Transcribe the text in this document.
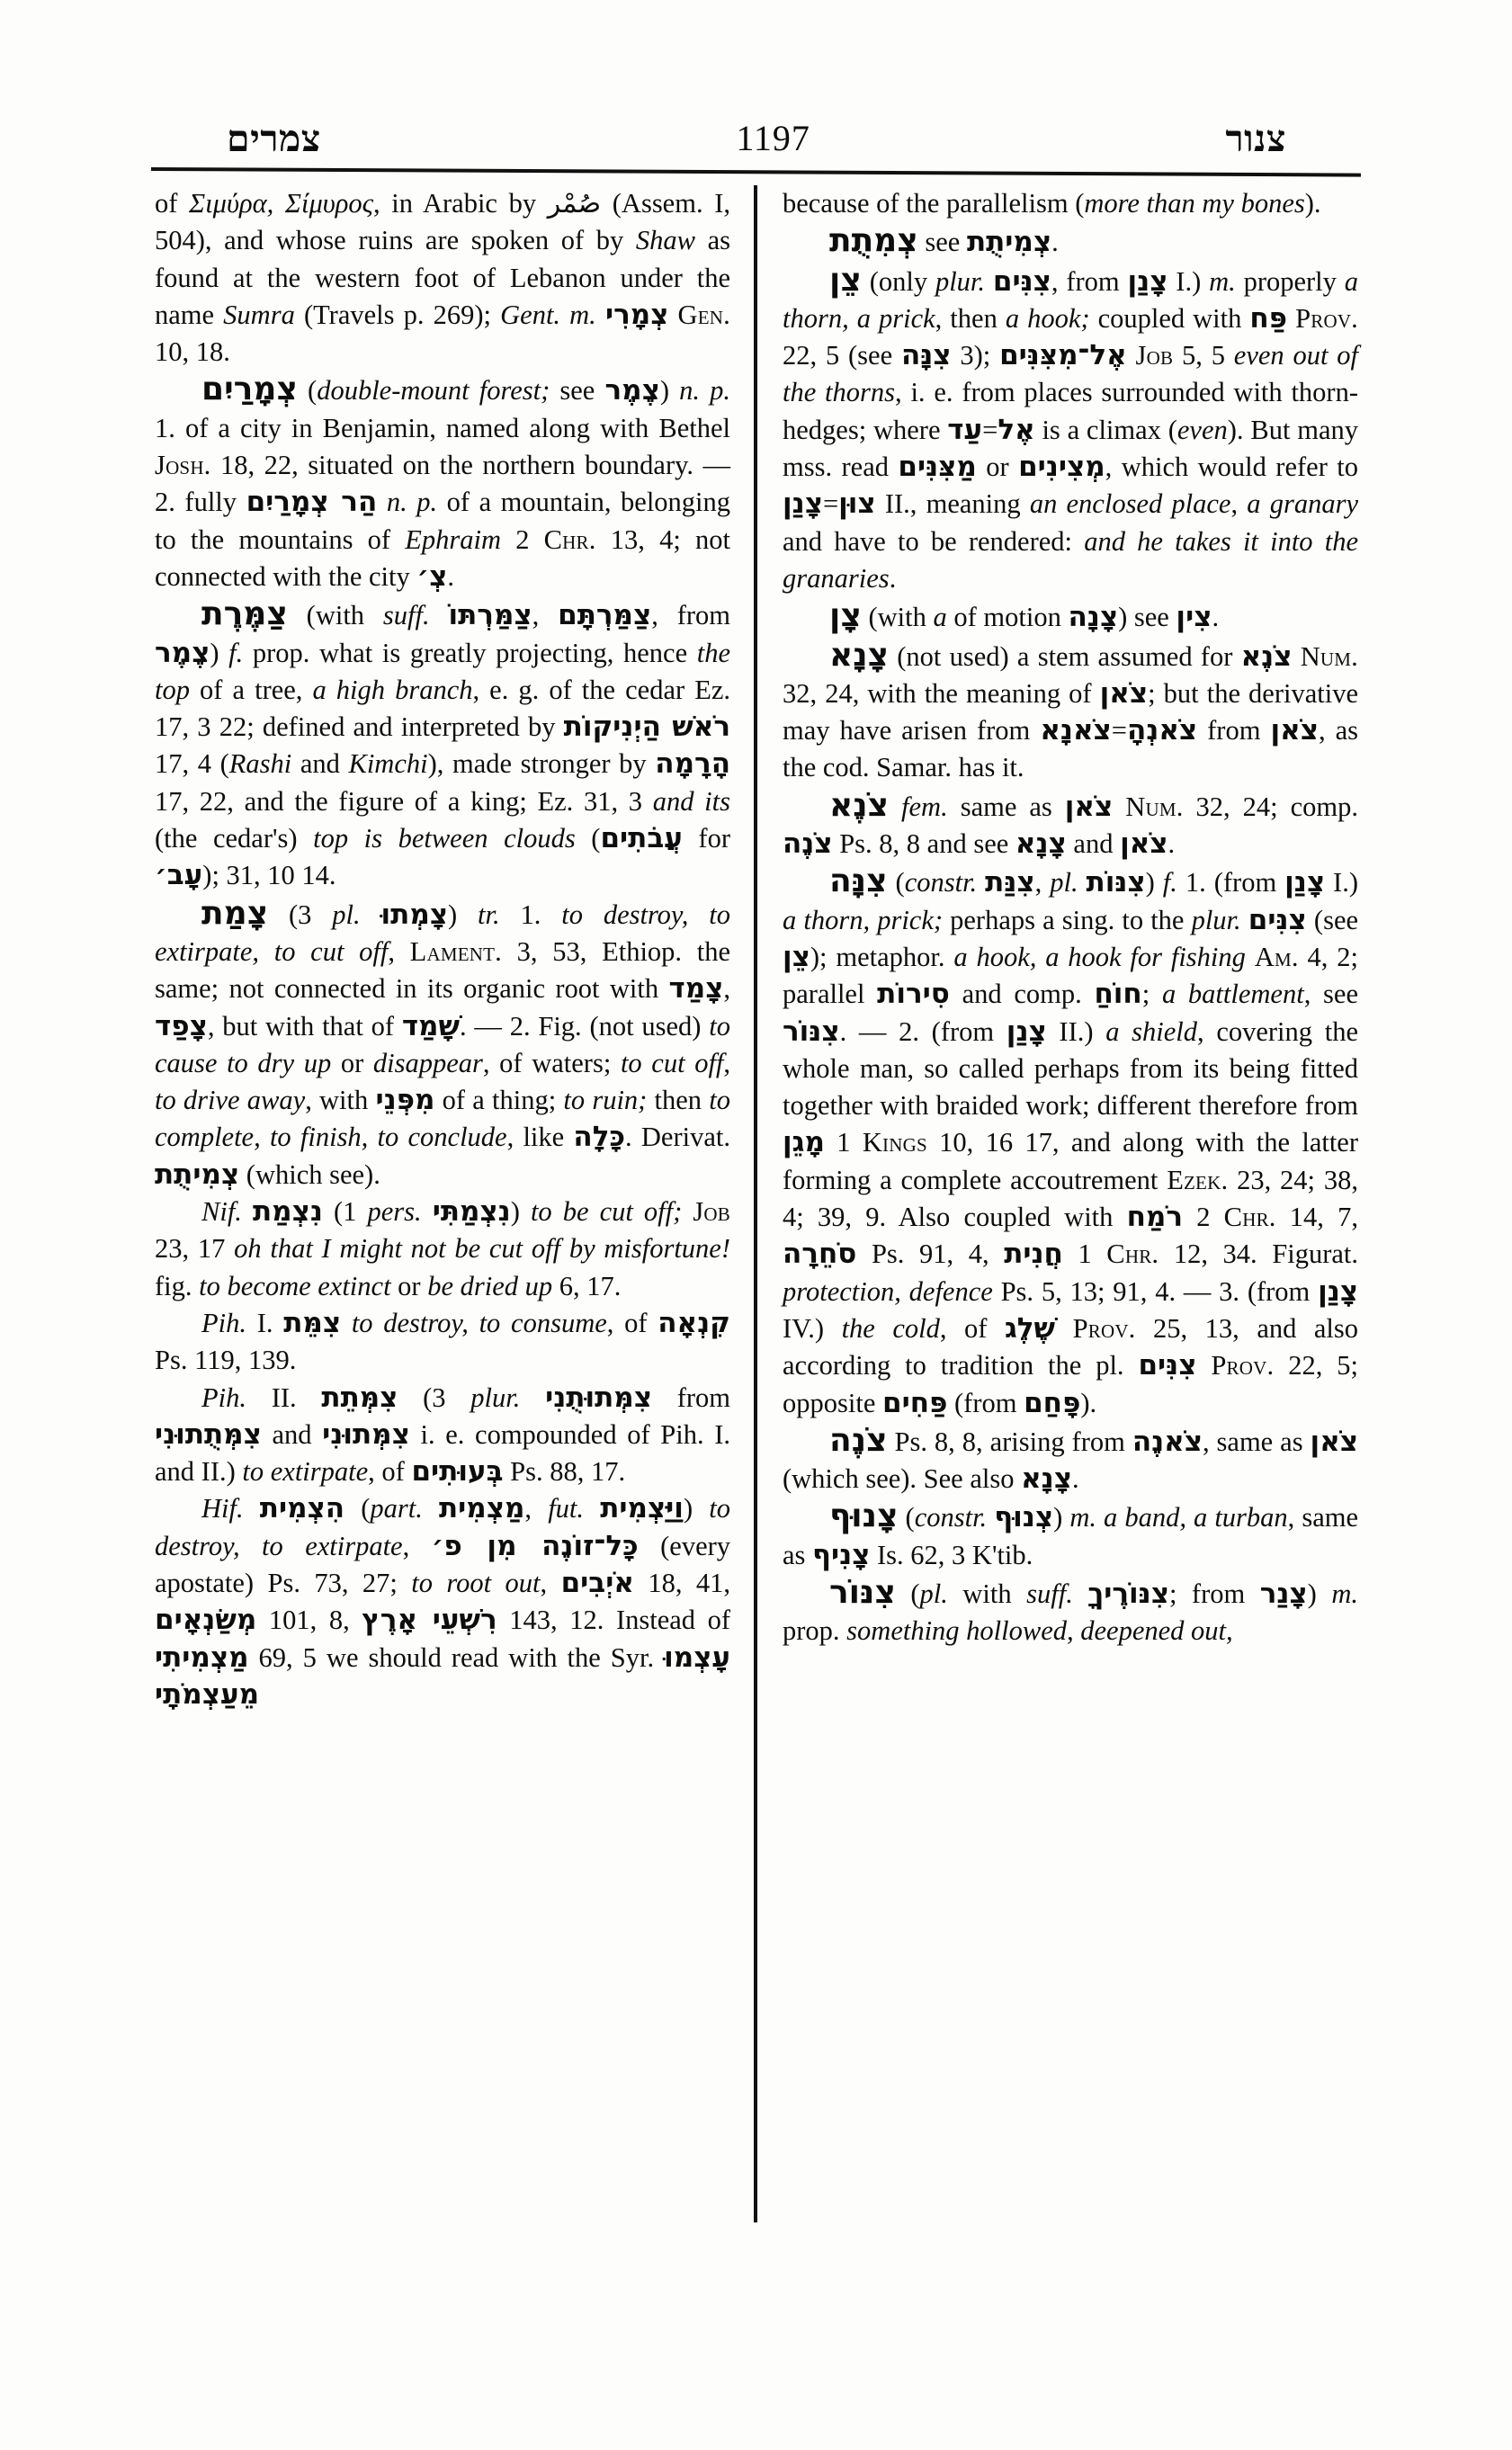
צמרים	1197	צנור

of Σιμύρα, Σίμυρος, in Arabic by صُمْر (Assem. I, 504), and whose ruins are spoken of by Shaw as found at the western foot of Lebanon under the name Sumra (Travels p. 269); Gent. m. צְמָרִי Gen. 10, 18.

צְמָרַיִם (double-mount forest; see צֶמֶר) n. p. 1. of a city in Benjamin, named along with Bethel Josh. 18, 22, situated on the northern boundary. — 2. fully הַר צְמָרַיִם n. p. of a mountain, belonging to the mountains of Ephraim 2 Chr. 13, 4; not connected with the city צְ׳.

צַמֶּרֶת (with suff. צַמַּרְתּוֹ, צַמַּרְתָּם, from צֶמֶר) f. prop. what is greatly projecting, hence the top of a tree, a high branch, e. g. of the cedar Ez. 17, 3 22; defined and interpreted by רֹאשׁ הַיְנִיקוֹת 17, 4 (Rashi and Kimchi), made stronger by הָרָמָה 17, 22, and the figure of a king; Ez. 31, 3 and its (the cedar's) top is between clouds (עֲבֹתִים for עָב׳); 31, 10 14.

צָמַת (3 pl. צָמְתוּ) tr. 1. to destroy, to extirpate, to cut off, Lament. 3, 53, Ethiop. the same; not connected in its organic root with צָמַד, צָפַד, but with that of שָׁמַד. — 2. Fig. (not used) to cause to dry up or disappear, of waters; to cut off, to drive away, with מִפְּנֵי of a thing; to ruin; then to complete, to finish, to conclude, like כָּלָה. Derivat. צְמִיתֻת (which see).

Nif. נִצְמַת (1 pers. נִצְמַתִּי) to be cut off; Job 23, 17 oh that I might not be cut off by misfortune! fig. to become extinct or be dried up 6, 17.

Pih. I. צִמֵּת to destroy, to consume, of קִנְאָה Ps. 119, 139.

Pih. II. צִמְּתֵת (3 plur. צִמְּתוּתֻנִי from צִמְּתֻתוּנִי and צִמְּתוּנִי i. e. compounded of Pih. I. and II.) to extirpate, of בְּעוּתִים Ps. 88, 17.

Hif. הִצְמִית (part. מַצְמִית, fut. וַיַּצְמִית) to destroy, to extirpate, כָּל־זוֹנֶה מִן פ׳ (every apostate) Ps. 73, 27; to root out, אֹיְבִים 18, 41, מְשַׂנְאָים 101, 8, רִשְׁעֵי אָרֶץ 143, 12. Instead of מַצְמִיתִי 69, 5 we should read with the Syr. עָצְמוּ מֵעַצְמֹתָי

because of the parallelism (more than my bones).

צְמִתֻת see צְמִיתֻת.

צֵן (only plur. צִנִּים, from צָנַן I.) m. properly a thorn, a prick, then a hook; coupled with פַּח Prov. 22, 5 (see צִנָּה 3); אֶל־מִצִּנִּים Job 5, 5 even out of the thorns, i. e. from places surrounded with thorn-hedges; where עַד=אֶל is a climax (even). But many mss. read מַצִּנִּים or מְצִינִים, which would refer to צָנַן=צוּן II., meaning an enclosed place, a granary and have to be rendered: and he takes it into the granaries.

צָן (with a of motion צָנָה) see צִין.

צָנָא (not used) a stem assumed for צֹנֶא Num. 32, 24, with the meaning of צֹאן; but the derivative may have arisen from צֹאנָא=צֹאנְהָ from צֹאן, as the cod. Samar. has it.

צֹנֶא fem. same as צֹאן Num. 32, 24; comp. צֹנֶה Ps. 8, 8 and see צָנָא and צֹאן.

צִנָּה (constr. צִנַּת, pl. צִנּוֹת) f. 1. (from צָנַן I.) a thorn, prick; perhaps a sing. to the plur. צִנִּים (see צֵן); metaphor. a hook, a hook for fishing Am. 4, 2; parallel סִירוֹת and comp. חוֹחַ; a battlement, see צִנּוֹר. — 2. (from צָנַן II.) a shield, covering the whole man, so called perhaps from its being fitted together with braided work; different therefore from מָגֵן 1 Kings 10, 16 17, and along with the latter forming a complete accoutrement Ezek. 23, 24; 38, 4; 39, 9. Also coupled with רֹמַח 2 Chr. 14, 7, סֹחֵרָה Ps. 91, 4, חֲנִית 1 Chr. 12, 34. Figurat. protection, defence Ps. 5, 13; 91, 4. — 3. (from צָנַן IV.) the cold, of שֶׁלֶג Prov. 25, 13, and also according to tradition the pl. צִנִּים Prov. 22, 5; opposite פַּחִים (from פָּחַם).

צֹנֶה Ps. 8, 8, arising from צֹאנֶה, same as צֹאן (which see). See also צָנָא.

צָנוּף (constr. צְנוּף) m. a band, a turban, same as צָנִיף Is. 62, 3 K'tib.

צִנּוֹר (pl. with suff. צִנּוֹרֶיךָ; from צָנַר) m. prop. something hollowed, deepened out,
